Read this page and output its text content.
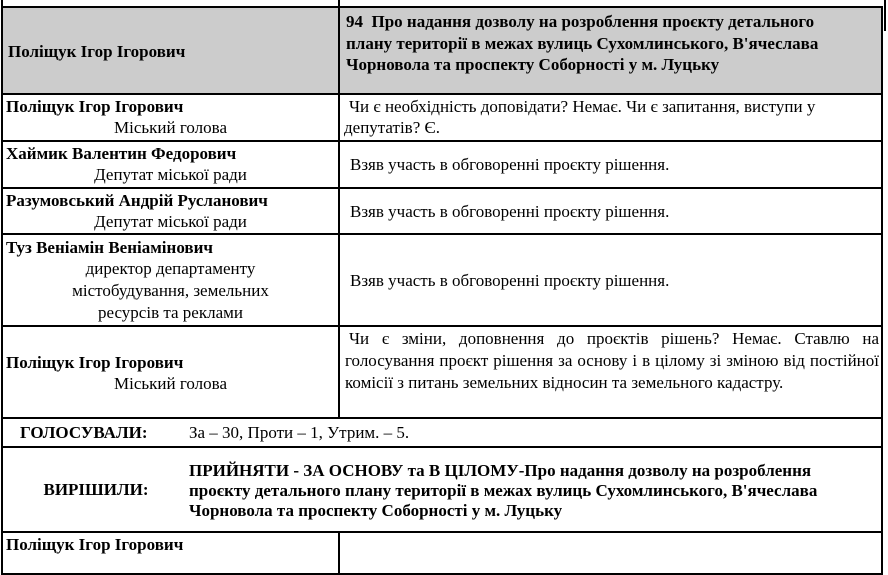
Поліщук Ігор Ігорович
94  Про надання дозволу на розроблення проєкту детального плану території в межах вулиць Сухомлинського, В'ячеслава Чорновола та проспекту Соборності у м. Луцьку
Поліщук Ігор Ігорович
Міський голова
Чи є необхідність доповідати? Немає. Чи є запитання, виступи у депутатів? Є.
Хаймик Валентин Федорович
Депутат міської ради
Взяв участь в обговоренні проєкту рішення.
Разумовський Андрій Русланович
Депутат міської ради
Взяв участь в обговоренні проєкту рішення.
Туз Веніамін Веніамінович
директор департаменту містобудування, земельних ресурсів та реклами
Взяв участь в обговоренні проєкту рішення.
Поліщук Ігор Ігорович
Міський голова
Чи є зміни, доповнення до проєктів рішень? Немає. Ставлю на голосування проєкт рішення за основу і в цілому зі зміною від постійної комісії з питань земельних відносин та земельного кадастру.
ГОЛОСУВАЛИ:	За – 30, Проти – 1, Утрим. – 5.
ВИРІШИЛИ:
ПРИЙНЯТИ - ЗА ОСНОВУ та В ЦІЛОМУ-Про надання дозволу на розроблення проєкту детального плану території в межах вулиць Сухомлинського, В'ячеслава Чорновола та проспекту Соборності у м. Луцьку
Поліщук Ігор Ігорович
